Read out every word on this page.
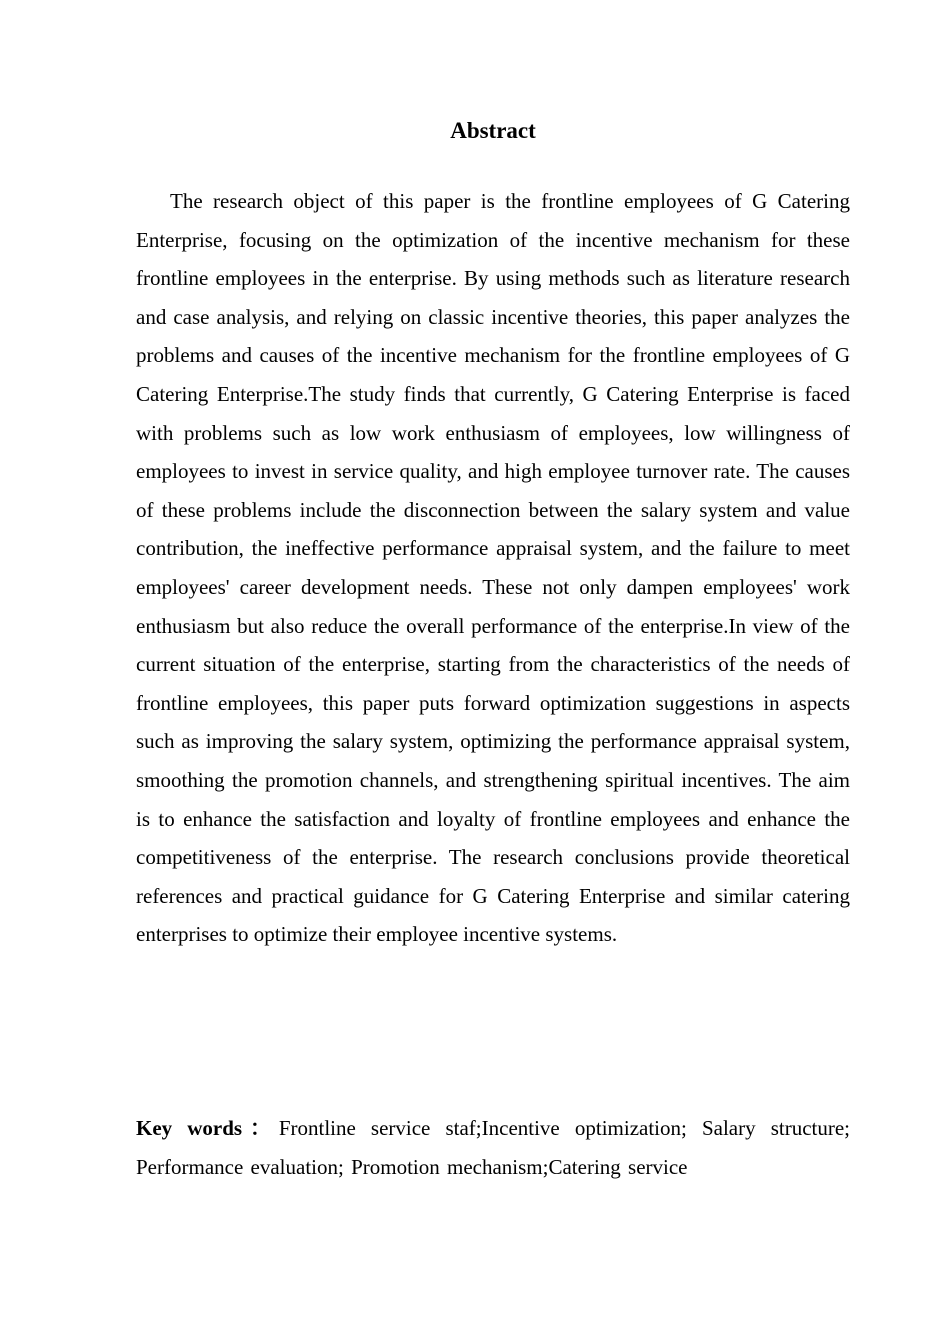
Abstract

The research object of this paper is the frontline employees of G Catering Enterprise, focusing on the optimization of the incentive mechanism for these frontline employees in the enterprise. By using methods such as literature research and case analysis, and relying on classic incentive theories, this paper analyzes the problems and causes of the incentive mechanism for the frontline employees of G Catering Enterprise.The study finds that currently, G Catering Enterprise is faced with problems such as low work enthusiasm of employees, low willingness of employees to invest in service quality, and high employee turnover rate. The causes of these problems include the disconnection between the salary system and value contribution, the ineffective performance appraisal system, and the failure to meet employees' career development needs. These not only dampen employees' work enthusiasm but also reduce the overall performance of the enterprise.In view of the current situation of the enterprise, starting from the characteristics of the needs of frontline employees, this paper puts forward optimization suggestions in aspects such as improving the salary system, optimizing the performance appraisal system, smoothing the promotion channels, and strengthening spiritual incentives. The aim is to enhance the satisfaction and loyalty of frontline employees and enhance the competitiveness of the enterprise. The research conclusions provide theoretical references and practical guidance for G Catering Enterprise and similar catering enterprises to optimize their employee incentive systems.

Key words：Frontline service staf;Incentive optimization; Salary structure; Performance evaluation; Promotion mechanism;Catering service
